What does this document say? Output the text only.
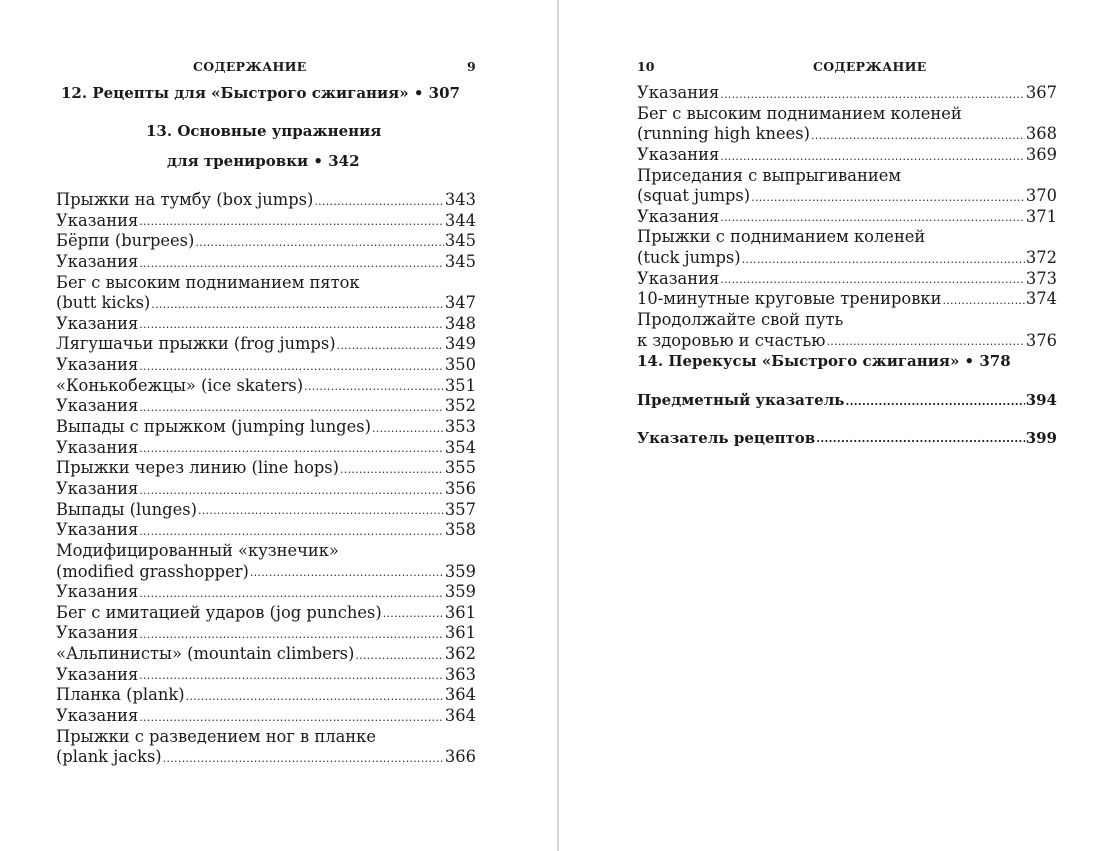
СОДЕРЖАНИЕ	9
12. Рецепты для «Быстрого сжигания» • 307
13. Основные упражнения
для тренировки • 342
Прыжки на тумбу (box jumps) .....	343
Указания .....	344
Бёрпи (burpees) .....	345
Указания .....	345
Бег с высоким подниманием пяток
(butt kicks) .....	347
Указания .....	348
Лягушачьи прыжки (frog jumps) .....	349
Указания .....	350
«Конькобежцы» (ice skaters) .....	351
Указания .....	352
Выпады с прыжком (jumping lunges) .....	353
Указания .....	354
Прыжки через линию (line hops) .....	355
Указания .....	356
Выпады (lunges) .....	357
Указания .....	358
Модифицированный «кузнечик»
(modified grasshopper) .....	359
Указания .....	359
Бег с имитацией ударов (jog punches) .....	361
Указания .....	361
«Альпинисты» (mountain climbers) .....	362
Указания .....	363
Планка (plank) .....	364
Указания .....	364
Прыжки с разведением ног в планке
(plank jacks) .....	366
10	СОДЕРЖАНИЕ
Указания .....	367
Бег с высоким подниманием коленей
(running high knees) .....	368
Указания .....	369
Приседания с выпрыгиванием
(squat jumps) .....	370
Указания .....	371
Прыжки с подниманием коленей
(tuck jumps) .....	372
Указания .....	373
10-минутные круговые тренировки .....	374
Продолжайте свой путь
к здоровью и счастью .....	376
14. Перекусы «Быстрого сжигания» • 378
Предметный указатель .....	394
Указатель рецептов .....	399
